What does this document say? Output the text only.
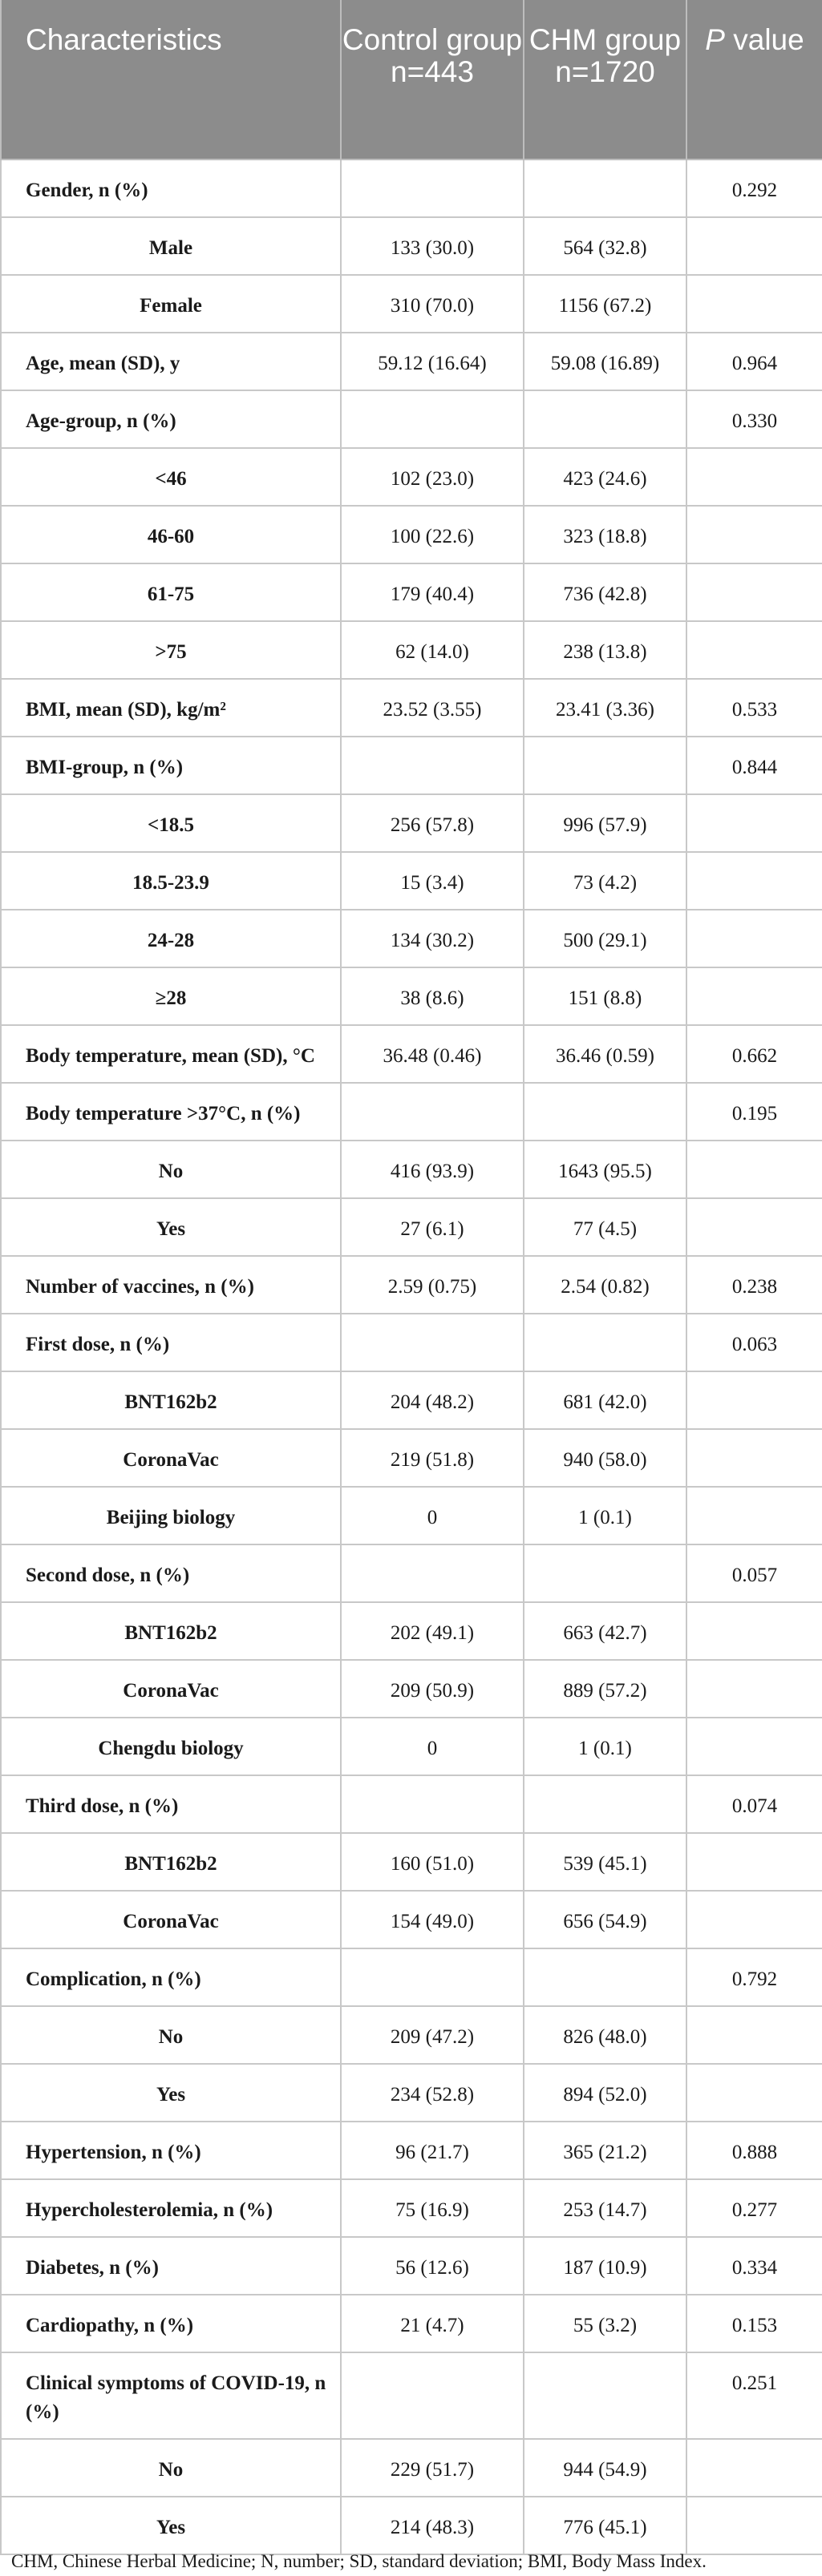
Characteristics	Control group n=443	CHM group n=1720	P value
Gender, n (%)			0.292
Male	133 (30.0)	564 (32.8)	
Female	310 (70.0)	1156 (67.2)	
Age, mean (SD), y	59.12 (16.64)	59.08 (16.89)	0.964
Age-group, n (%)			0.330
<46	102 (23.0)	423 (24.6)	
46-60	100 (22.6)	323 (18.8)	
61-75	179 (40.4)	736 (42.8)	
>75	62 (14.0)	238 (13.8)	
BMI, mean (SD), kg/m²	23.52 (3.55)	23.41 (3.36)	0.533
BMI-group, n (%)			0.844
<18.5	256 (57.8)	996 (57.9)	
18.5-23.9	15 (3.4)	73 (4.2)	
24-28	134 (30.2)	500 (29.1)	
≥28	38 (8.6)	151 (8.8)	
Body temperature, mean (SD), °C	36.48 (0.46)	36.46 (0.59)	0.662
Body temperature >37°C, n (%)			0.195
No	416 (93.9)	1643 (95.5)	
Yes	27 (6.1)	77 (4.5)	
Number of vaccines, n (%)	2.59 (0.75)	2.54 (0.82)	0.238
First dose, n (%)			0.063
BNT162b2	204 (48.2)	681 (42.0)	
CoronaVac	219 (51.8)	940 (58.0)	
Beijing biology	0	1 (0.1)	
Second dose, n (%)			0.057
BNT162b2	202 (49.1)	663 (42.7)	
CoronaVac	209 (50.9)	889 (57.2)	
Chengdu biology	0	1 (0.1)	
Third dose, n (%)			0.074
BNT162b2	160 (51.0)	539 (45.1)	
CoronaVac	154 (49.0)	656 (54.9)	
Complication, n (%)			0.792
No	209 (47.2)	826 (48.0)	
Yes	234 (52.8)	894 (52.0)	
Hypertension, n (%)	96 (21.7)	365 (21.2)	0.888
Hypercholesterolemia, n (%)	75 (16.9)	253 (14.7)	0.277
Diabetes, n (%)	56 (12.6)	187 (10.9)	0.334
Cardiopathy, n (%)	21 (4.7)	55 (3.2)	0.153
Clinical symptoms of COVID-19, n (%)			0.251
No	229 (51.7)	944 (54.9)	
Yes	214 (48.3)	776 (45.1)	
CHM, Chinese Herbal Medicine; N, number; SD, standard deviation; BMI, Body Mass Index.
